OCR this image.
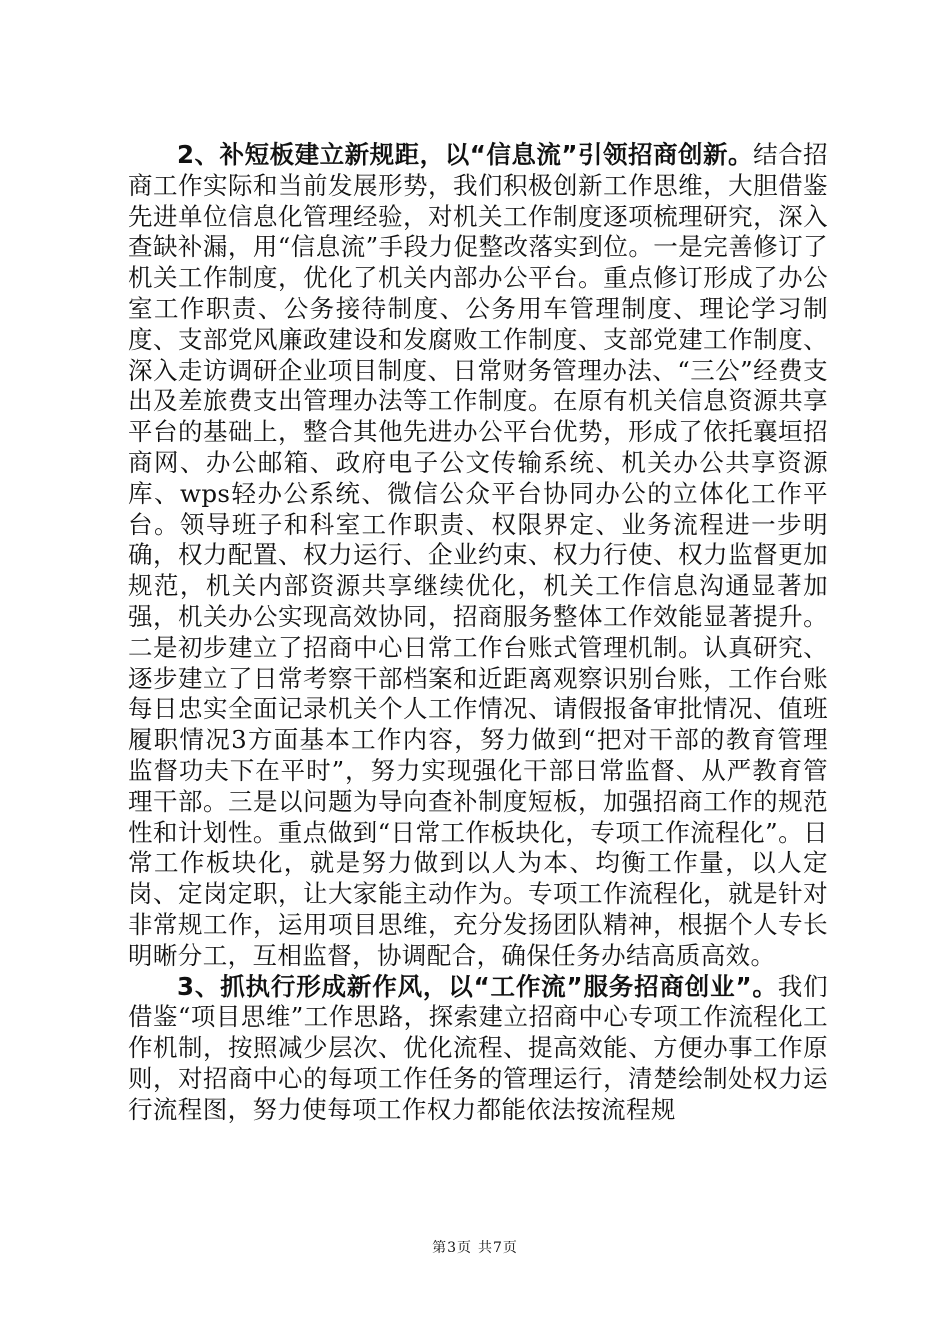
2、补短板建立新规距，以“信息流”引领招商创新。结合招商工作实际和当前发展形势，我们积极创新工作思维，大胆借鉴先进单位信息化管理经验，对机关工作制度逐项梳理研究，深入查缺补漏，用“信息流”手段力促整改落实到位。一是完善修订了机关工作制度，优化了机关内部办公平台。重点修订形成了办公室工作职责、公务接待制度、公务用车管理制度、理论学习制度、支部党风廉政建设和发腐败工作制度、支部党建工作制度、深入走访调研企业项目制度、日常财务管理办法、“三公”经费支出及差旅费支出管理办法等工作制度。在原有机关信息资源共享平台的基础上，整合其他先进办公平台优势，形成了依托襄垣招商网、办公邮箱、政府电子公文传输系统、机关办公共享资源库、wps轻办公系统、微信公众平台协同办公的立体化工作平台。领导班子和科室工作职责、权限界定、业务流程进一步明确，权力配置、权力运行、企业约束、权力行使、权力监督更加规范，机关内部资源共享继续优化，机关工作信息沟通显著加强，机关办公实现高效协同，招商服务整体工作效能显著提升。二是初步建立了招商中心日常工作台账式管理机制。认真研究、逐步建立了日常考察干部档案和近距离观察识别台账，工作台账每日忠实全面记录机关个人工作情况、请假报备审批情况、值班履职情况3方面基本工作内容，努力做到“把对干部的教育管理监督功夫下在平时”，努力实现强化干部日常监督、从严教育管理干部。三是以问题为导向查补制度短板，加强招商工作的规范性和计划性。重点做到“日常工作板块化，专项工作流程化”。日常工作板块化，就是努力做到以人为本、均衡工作量，以人定岗、定岗定职，让大家能主动作为。专项工作流程化，就是针对非常规工作，运用项目思维，充分发扬团队精神，根据个人专长明晰分工，互相监督，协调配合，确保任务办结高质高效。

3、抓执行形成新作风，以“工作流”服务招商创业”。我们借鉴“项目思维”工作思路，探索建立招商中心专项工作流程化工作机制，按照减少层次、优化流程、提高效能、方便办事工作原则，对招商中心的每项工作任务的管理运行，清楚绘制处权力运行流程图，努力使每项工作权力都能依法按流程规

第3页 共7页
